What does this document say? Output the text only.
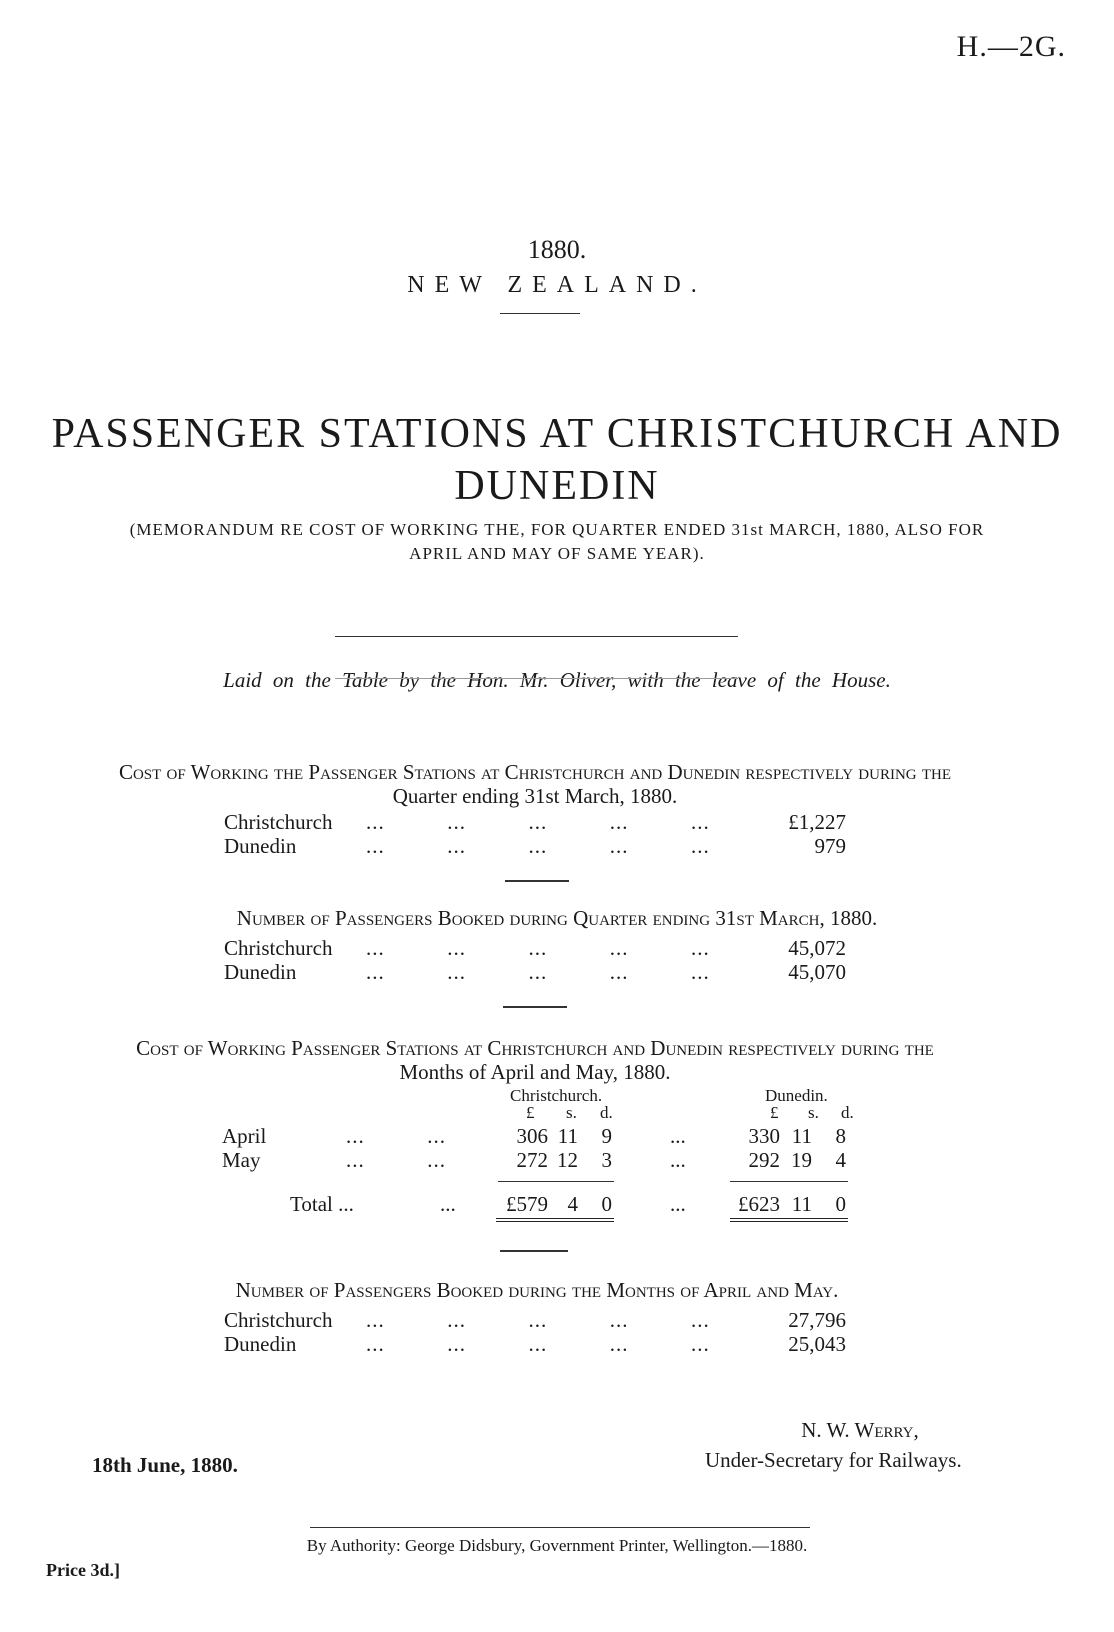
H.—2G.
1880.
NEW ZEALAND.
PASSENGER STATIONS AT CHRISTCHURCH AND
DUNEDIN
(MEMORANDUM RE COST OF WORKING THE, FOR QUARTER ENDED 31st MARCH, 1880, ALSO FOR
APRIL AND MAY OF SAME YEAR).
Laid on the Table by the Hon. Mr. Oliver, with the leave of the House.
Cost of Working the Passenger Stations at Christchurch and Dunedin respectively during the
Quarter ending 31st March, 1880.
Christchurch ...          ...          ...          ...          ...	£1,227
Dunedin	...          ...          ...          ...          ...	979
Number of Passengers Booked during Quarter ending 31st March, 1880.
Christchurch ...          ...          ...          ...          ...	45,072
Dunedin	...          ...          ...          ...          ...	45,070
Cost of Working Passenger Stations at Christchurch and Dunedin respectively during the
Months of April and May, 1880.
Christchurch.	Dunedin.
£ s. d.	£ s. d.
April	...          ...	306 11	9	...	330 11	8
May	...          ...	272 12	3	...	292 19	4
Total ...	...	£579 4	0	...	£623 11	0
Number of Passengers Booked during the Months of April and May.
Christchurch ...          ...          ...          ...          ...	27,796
Dunedin	...          ...          ...          ...          ...	25,043
18th June, 1880.
N. W. Werry,
Under-Secretary for Railways.
By Authority: George Didsbury, Government Printer, Wellington.—1880.
Price 3d.]
